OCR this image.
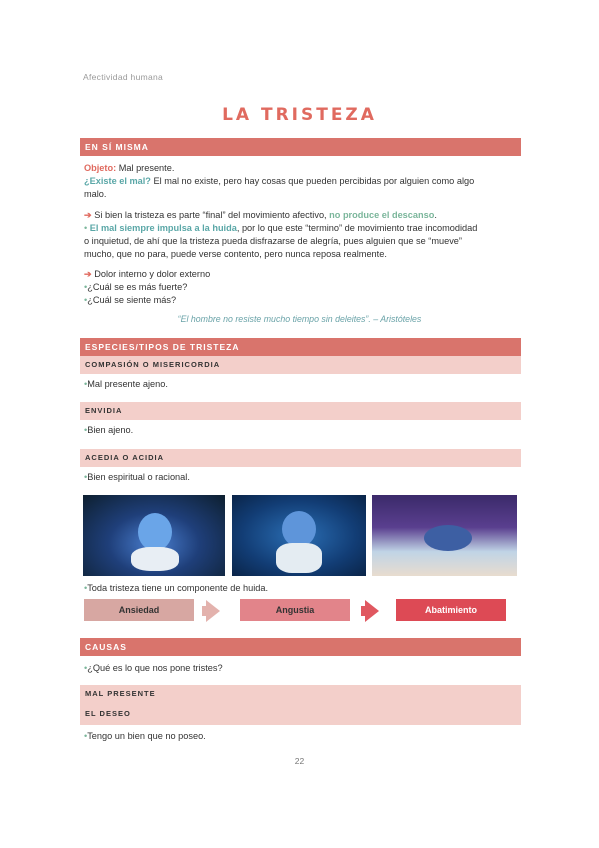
Afectividad humana
LA TRISTEZA
EN SÍ MISMA
Objeto: Mal presente.
¿Existe el mal? El mal no existe, pero hay cosas que pueden percibidas por alguien como algo
malo.
➔ Si bien la tristeza es parte “final” del movimiento afectivo, no produce el descanso.
• El mal siempre impulsa a la huida, por lo que este “termino” de movimiento trae incomodidad
o inquietud, de ahí que la tristeza pueda disfrazarse de alegría, pues alguien que se “mueve”
mucho, que no para, puede verse contento, pero nunca reposa realmente.
➔ Dolor interno y dolor externo
•¿Cuál se es más fuerte?
•¿Cuál se siente más?
“El hombre no resiste mucho tiempo sin deleites”. – Aristóteles
ESPECIES/TIPOS DE TRISTEZA
COMPASIÓN O MISERICORDIA
•Mal presente ajeno.
ENVIDIA
•Bien ajeno.
ACEDIA O ACIDIA
•Bien espiritual o racional.
•Toda tristeza tiene un componente de huida.
Ansiedad	Angustia	Abatimiento
CAUSAS
•¿Qué es lo que nos pone tristes?
MAL PRESENTE
EL DESEO
•Tengo un bien que no poseo.
22
